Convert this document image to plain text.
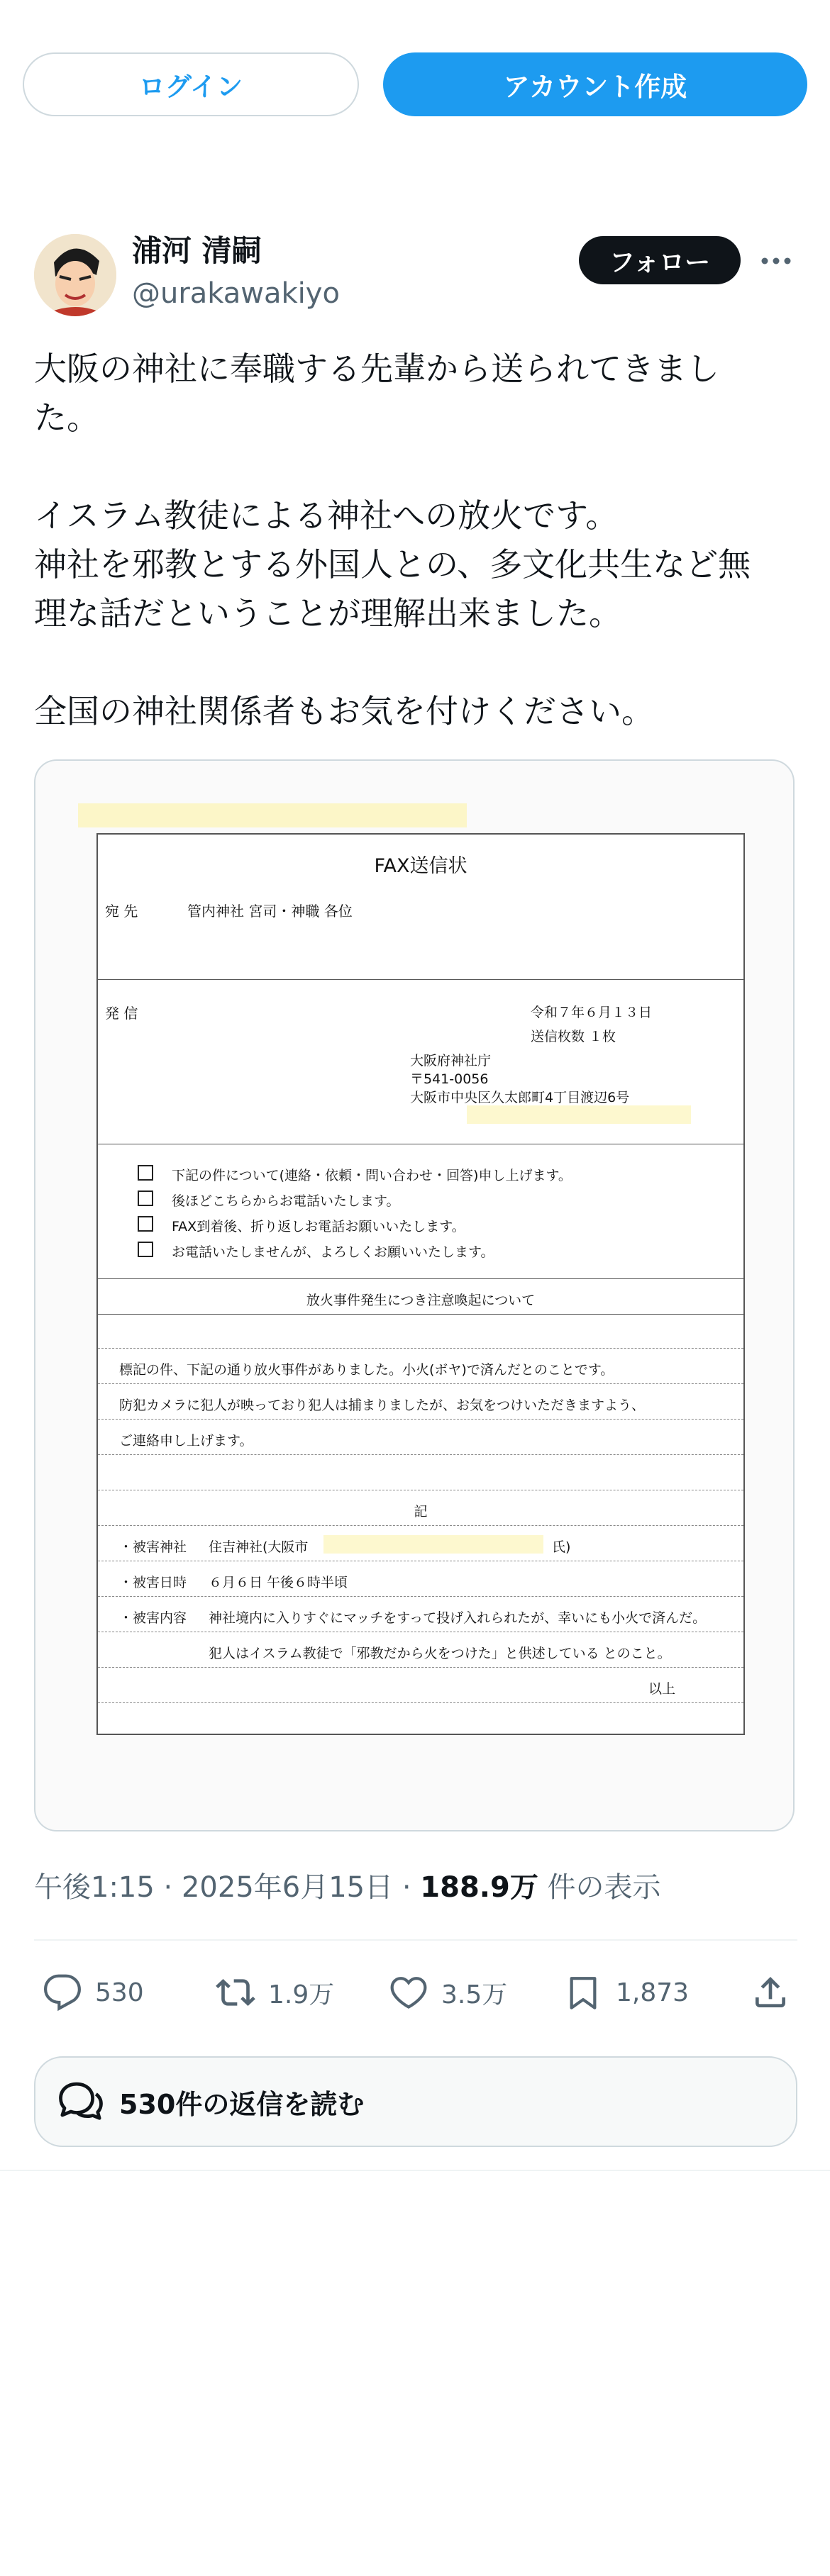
ログイン	アカウント作成
浦河 清嗣
@urakawakiyo
フォロー

大阪の神社に奉職する先輩から送られてきまし

た。

イスラム教徒による神社への放火です。

神社を邪教とする外国人との、多文化共生など無

理な話だということが理解出来ました。

全国の神社関係者もお気を付けください。

FAX送信状
宛 先	管内神社 宮司・神職 各位
発 信	令和７年６月１３日
送信枚数 １枚
大阪府神社庁
〒541-0056
大阪市中央区久太郎町4丁目渡辺6号
下記の件について(連絡・依頼・問い合わせ・回答)申し上げます。
後ほどこちらからお電話いたします。
FAX到着後、折り返しお電話お願いいたします。
お電話いたしませんが、よろしくお願いいたします。
放火事件発生につき注意喚起について
標記の件、下記の通り放火事件がありました。小火(ボヤ)で済んだとのことです。
防犯カメラに犯人が映っており犯人は捕まりましたが、お気をつけいただきますよう、
ご連絡申し上げます。
記
・被害神社 住吉神社(大阪市	氏)
・被害日時 ６月６日 午後６時半頃
・被害内容 神社境内に入りすぐにマッチをすって投げ入れられたが、幸いにも小火で済んだ。
犯人はイスラム教徒で「邪教だから火をつけた」と供述している とのこと。
以上
午後1:15 · 2025年6月15日 · 188.9万 件の表示
530	1.9万	3.5万	1,873
530件の返信を読む
